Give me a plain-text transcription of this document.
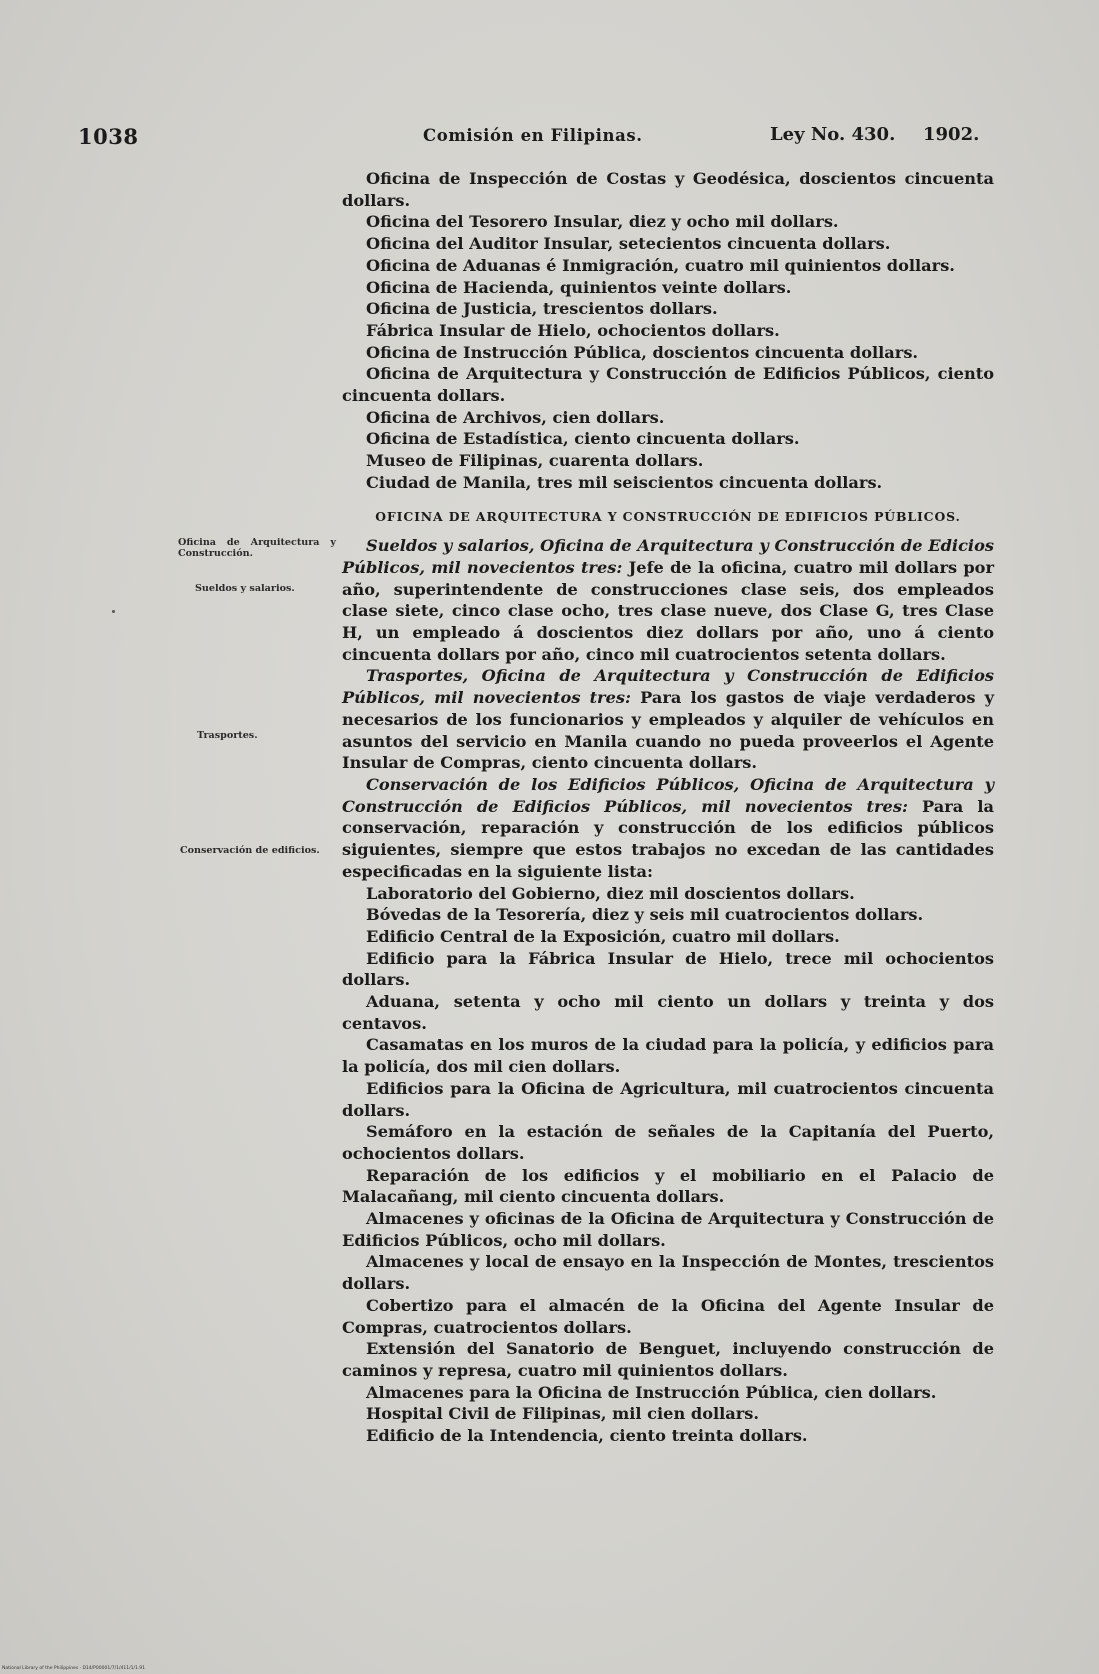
1038	Comisión en Filipinas.	Ley No. 430. 1902.
Oficina de Arquitectura y Construcción.
Sueldos y salarios.
Trasportes.
Conservación de edificios.

Oficina de Inspección de Costas y Geodésica, doscientos cincuenta dollars.

Oficina del Tesorero Insular, diez y ocho mil dollars.

Oficina del Auditor Insular, setecientos cincuenta dollars.

Oficina de Aduanas é Inmigración, cuatro mil quinientos dollars.

Oficina de Hacienda, quinientos veinte dollars.

Oficina de Justicia, trescientos dollars.

Fábrica Insular de Hielo, ochocientos dollars.

Oficina de Instrucción Pública, doscientos cincuenta dollars.

Oficina de Arquitectura y Construcción de Edificios Públicos, ciento cincuenta dollars.

Oficina de Archivos, cien dollars.

Oficina de Estadística, ciento cincuenta dollars.

Museo de Filipinas, cuarenta dollars.

Ciudad de Manila, tres mil seiscientos cincuenta dollars.

OFICINA DE ARQUITECTURA Y CONSTRUCCIÓN DE EDIFICIOS PÚBLICOS.

Sueldos y salarios, Oficina de Arquitectura y Construcción de Edicios Públicos, mil novecientos tres: Jefe de la oficina, cuatro mil dollars por año, superintendente de construcciones clase seis, dos empleados clase siete, cinco clase ocho, tres clase nueve, dos Clase G, tres Clase H, un empleado á doscientos diez dollars por año, uno á ciento cincuenta dollars por año, cinco mil cuatrocientos setenta dollars.

Trasportes, Oficina de Arquitectura y Construcción de Edificios Públicos, mil novecientos tres: Para los gastos de viaje verdaderos y necesarios de los funcionarios y empleados y alquiler de vehículos en asuntos del servicio en Manila cuando no pueda proveerlos el Agente Insular de Compras, ciento cincuenta dollars.

Conservación de los Edificios Públicos, Oficina de Arquitectura y Construcción de Edificios Públicos, mil novecientos tres: Para la conservación, reparación y construcción de los edificios públicos siguientes, siempre que estos trabajos no excedan de las cantidades especificadas en la siguiente lista:

Laboratorio del Gobierno, diez mil doscientos dollars.

Bóvedas de la Tesorería, diez y seis mil cuatrocientos dollars.

Edificio Central de la Exposición, cuatro mil dollars.

Edificio para la Fábrica Insular de Hielo, trece mil ochocientos dollars.

Aduana, setenta y ocho mil ciento un dollars y treinta y dos centavos.

Casamatas en los muros de la ciudad para la policía, y edificios para la policía, dos mil cien dollars.

Edificios para la Oficina de Agricultura, mil cuatrocientos cincuenta dollars.

Semáforo en la estación de señales de la Capitanía del Puerto, ochocientos dollars.

Reparación de los edificios y el mobiliario en el Palacio de Malacañang, mil ciento cincuenta dollars.

Almacenes y oficinas de la Oficina de Arquitectura y Construcción de Edificios Públicos, ocho mil dollars.

Almacenes y local de ensayo en la Inspección de Montes, trescientos dollars.

Cobertizo para el almacén de la Oficina del Agente Insular de Compras, cuatrocientos dollars.

Extensión del Sanatorio de Benguet, incluyendo construcción de caminos y represa, cuatro mil quinientos dollars.

Almacenes para la Oficina de Instrucción Pública, cien dollars.

Hospital Civil de Filipinas, mil cien dollars.

Edificio de la Intendencia, ciento treinta dollars.

National Library of the Philippines · D14/P00001/7/1/411/1/1.91
